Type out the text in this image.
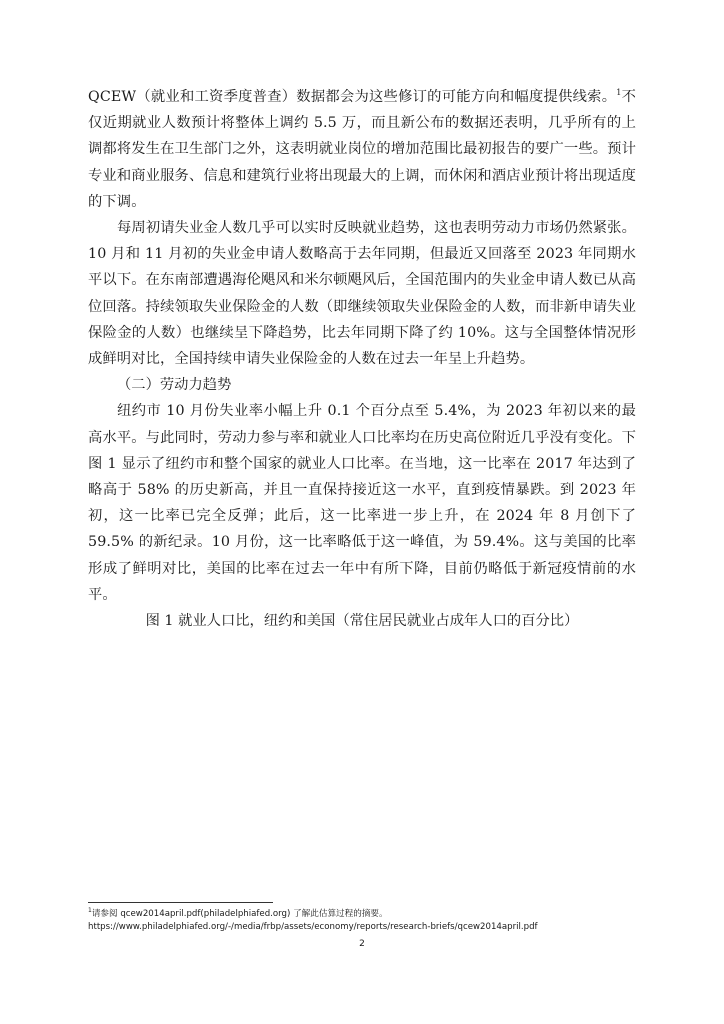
QCEW（就业和工资季度普查）数据都会为这些修订的可能方向和幅度提供线索。$^1$不仅近期就业人数预计将整体上调约 5.5 万，而且新公布的数据还表明，几乎所有的上调都将发生在卫生部门之外，这表明就业岗位的增加范围比最初报告的要广一些。预计专业和商业服务、信息和建筑行业将出现最大的上调，而休闲和酒店业预计将出现适度的下调。

每周初请失业金人数几乎可以实时反映就业趋势，这也表明劳动力市场仍然紧张。10 月和 11 月初的失业金申请人数略高于去年同期，但最近又回落至 2023 年同期水平以下。在东南部遭遇海伦飓风和米尔顿飓风后，全国范围内的失业金申请人数已从高位回落。持续领取失业保险金的人数（即继续领取失业保险金的人数，而非新申请失业保险金的人数）也继续呈下降趋势，比去年同期下降了约 10%。这与全国整体情况形成鲜明对比，全国持续申请失业保险金的人数在过去一年呈上升趋势。

（二）劳动力趋势

纽约市 10 月份失业率小幅上升 0.1 个百分点至 5.4%，为 2023 年初以来的最高水平。与此同时，劳动力参与率和就业人口比率均在历史高位附近几乎没有变化。下图 1 显示了纽约市和整个国家的就业人口比率。在当地，这一比率在 2017 年达到了略高于 58% 的历史新高，并且一直保持接近这一水平，直到疫情暴跌。到 2023 年初，这一比率已完全反弹；此后，这一比率进一步上升，在 2024 年 8 月创下了 59.5% 的新纪录。10 月份，这一比率略低于这一峰值，为 59.4%。这与美国的比率形成了鲜明对比，美国的比率在过去一年中有所下降，目前仍略低于新冠疫情前的水平。

图 1 就业人口比，纽约和美国（常住居民就业占成年人口的百分比）

$^1$请参阅 qcew2014april.pdf(philadelphiafed.org) 了解此估算过程的摘要。
https://www.philadelphiafed.org/-/media/frbp/assets/economy/reports/research-briefs/qcew2014april.pdf
2
